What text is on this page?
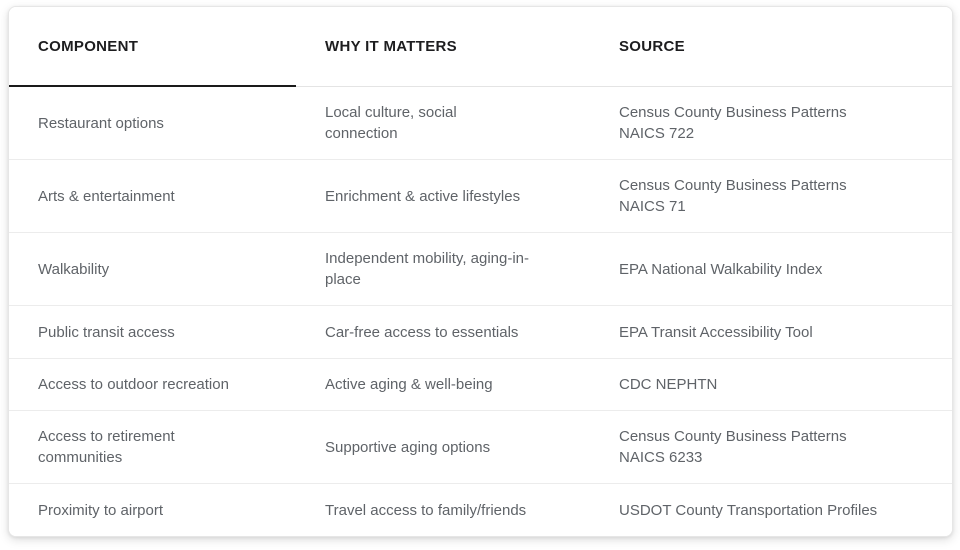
COMPONENT	WHY IT MATTERS	SOURCE
Restaurant options	Local culture, social connection	Census County Business Patterns NAICS 722
Arts & entertainment	Enrichment & active lifestyles	Census County Business Patterns NAICS 71
Walkability	Independent mobility, aging-in-place	EPA National Walkability Index
Public transit access	Car-free access to essentials	EPA Transit Accessibility Tool
Access to outdoor recreation	Active aging & well-being	CDC NEPHTN
Access to retirement communities	Supportive aging options	Census County Business Patterns NAICS 6233
Proximity to airport	Travel access to family/friends	USDOT County Transportation Profiles
